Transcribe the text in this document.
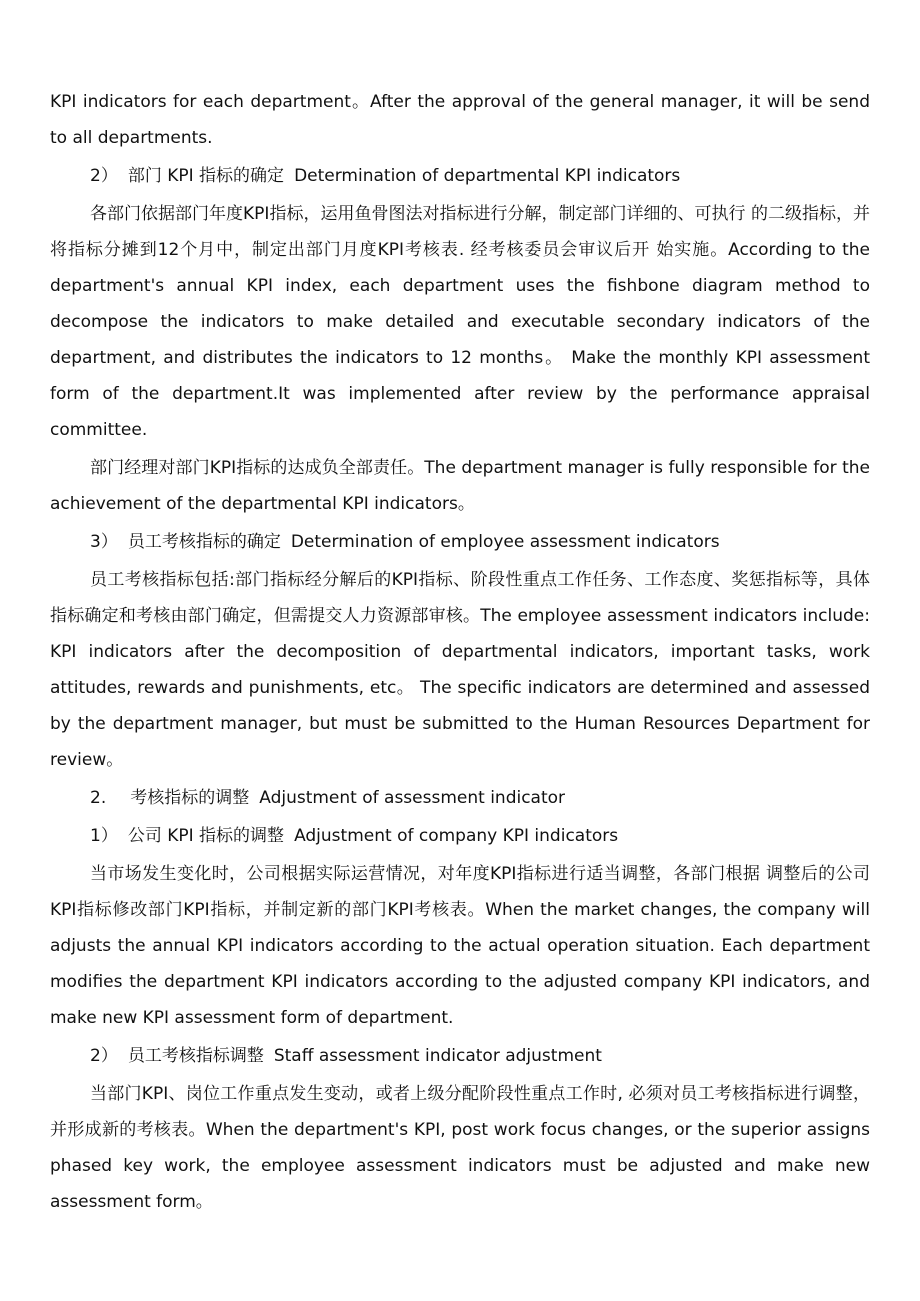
KPI indicators for each department。After the approval of the general manager, it will be send to all departments.

2） 部门 KPI 指标的确定 Determination of departmental KPI indicators

各部门依据部门年度KPI指标，运用鱼骨图法对指标进行分解，制定部门详细的、可执行 的二级指标，并将指标分摊到12个月中，制定出部门月度KPI考核表. 经考核委员会审议后开 始实施。According to the department's annual KPI index, each department uses the fishbone diagram method to decompose the indicators to make detailed and executable secondary indicators of the department, and distributes the indicators to 12 months。 Make the monthly KPI assessment form of the department.It was implemented after review by the performance appraisal committee.

部门经理对部门KPI指标的达成负全部责任。The department manager is fully responsible for the achievement of the departmental KPI indicators。

3） 员工考核指标的确定 Determination of employee assessment indicators

员工考核指标包括:部门指标经分解后的KPI指标、阶段性重点工作任务、工作态度、奖惩指标等，具体指标确定和考核由部门确定，但需提交人力资源部审核。The employee assessment indicators include: KPI indicators after the decomposition of departmental indicators, important tasks, work attitudes, rewards and punishments, etc。 The specific indicators are determined and assessed by the department manager, but must be submitted to the Human Resources Department for review。

2. 考核指标的调整 Adjustment of assessment indicator
1） 公司 KPI 指标的调整 Adjustment of company KPI indicators

当市场发生变化时，公司根据实际运营情况，对年度KPI指标进行适当调整，各部门根据 调整后的公司KPI指标修改部门KPI指标，并制定新的部门KPI考核表。When the market changes, the company will adjusts the annual KPI indicators according to the actual operation situation. Each department modifies the department KPI indicators according to the adjusted company KPI indicators, and make new KPI assessment form of department.

2） 员工考核指标调整 Staff assessment indicator adjustment

当部门KPI、岗位工作重点发生变动，或者上级分配阶段性重点工作时, 必须对员工考核指标进行调整，并形成新的考核表。When the department's KPI, post work focus changes, or the superior assigns phased key work, the employee assessment indicators must be adjusted and make new assessment form。
